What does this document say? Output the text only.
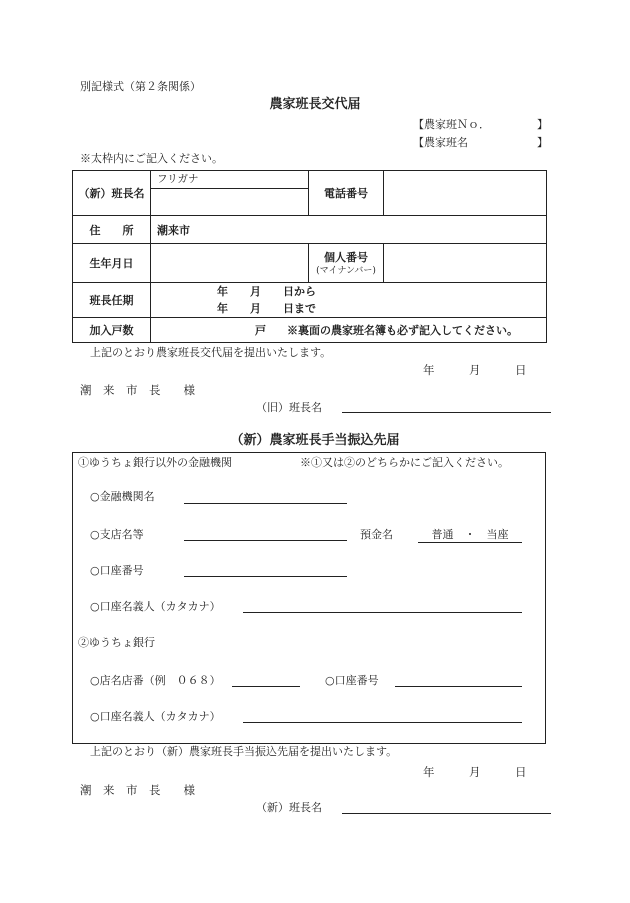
別記様式（第２条関係）
農家班長交代届
【農家班Ｎｏ．	】
【農家班名	】
※太枠内にご記入ください。
（新）班長名	フリガナ	電話番号	
住　　所	潮来市		
生年月日		個人番号
(マイナンバー)	

班長任期	年　　月　　日から
年　　月　　日まで		

加入戸数	戸 ※裏面の農家班名簿も必ず記入してください。		
上記のとおり農家班長交代届を提出いたします。
年　　　月　　　日
潮　来　市　長　　様
（旧）班長名
（新）農家班長手当振込先届
①ゆうちょ銀行以外の金融機関	※①又は②のどちらかにご記入ください。
○金融機関名
○支店名等	預金名	普通　・　当座
○口座番号
○口座名義人（カタカナ）
②ゆうちょ銀行
○店名店番（例　０６８）	○口座番号
○口座名義人（カタカナ）
上記のとおり（新）農家班長手当振込先届を提出いたします。
年　　　月　　　日
潮　来　市　長　　様
（新）班長名
